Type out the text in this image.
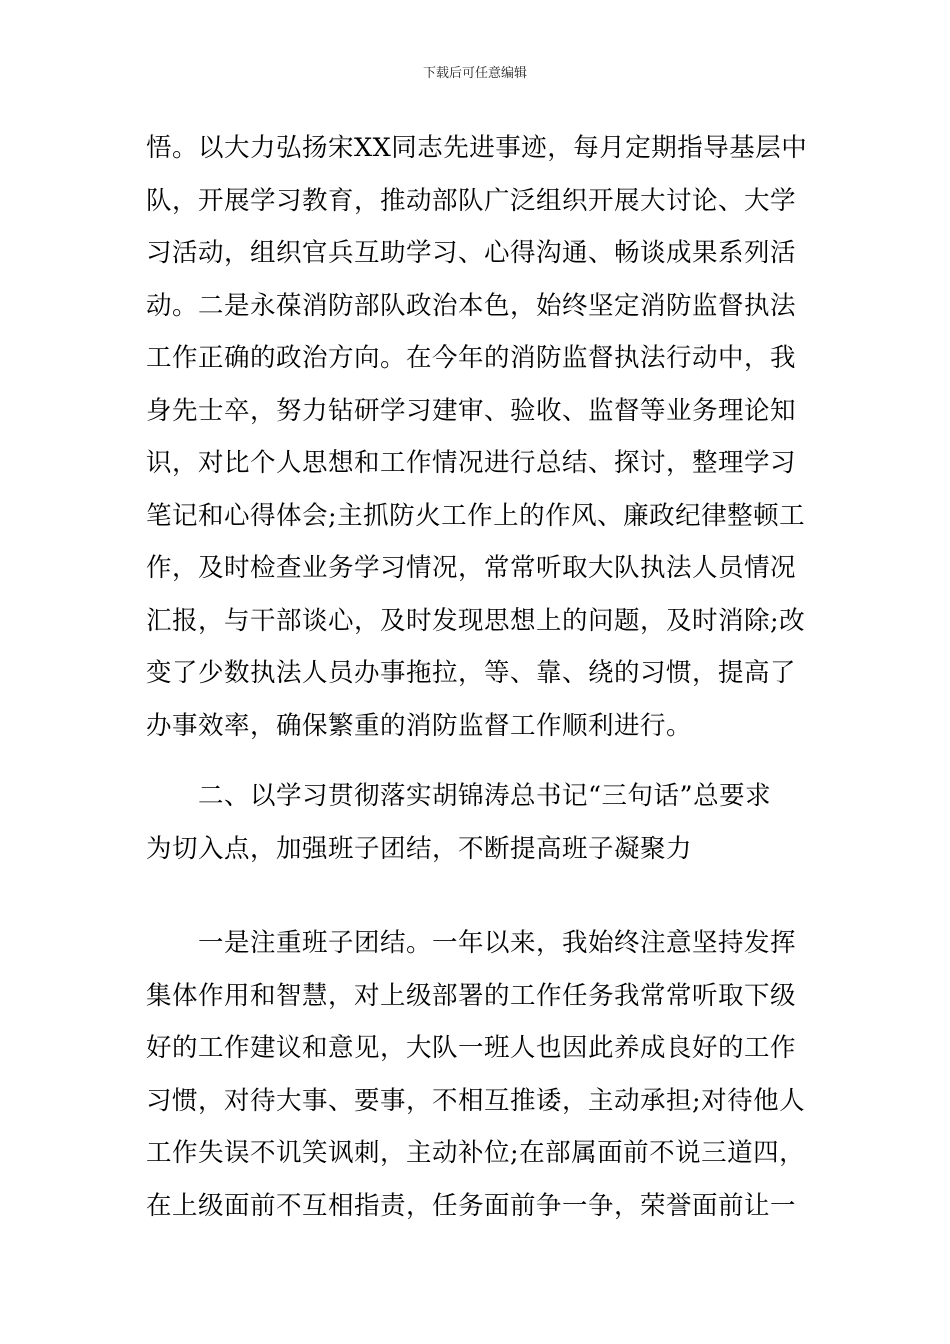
下载后可任意编辑
悟。以大力弘扬宋XX同志先进事迹，每月定期指导基层中
队，开展学习教育，推动部队广泛组织开展大讨论、大学
习活动，组织官兵互助学习、心得沟通、畅谈成果系列活
动。二是永葆消防部队政治本色，始终坚定消防监督执法
工作正确的政治方向。在今年的消防监督执法行动中，我
身先士卒，努力钻研学习建审、验收、监督等业务理论知
识，对比个人思想和工作情况进行总结、探讨，整理学习
笔记和心得体会;主抓防火工作上的作风、廉政纪律整顿工
作，及时检查业务学习情况，常常听取大队执法人员情况
汇报，与干部谈心，及时发现思想上的问题，及时消除;改
变了少数执法人员办事拖拉，等、靠、绕的习惯，提高了
办事效率，确保繁重的消防监督工作顺利进行。
二、以学习贯彻落实胡锦涛总书记“三句话”总要求
为切入点，加强班子团结，不断提高班子凝聚力
一是注重班子团结。一年以来，我始终注意坚持发挥
集体作用和智慧，对上级部署的工作任务我常常听取下级
好的工作建议和意见，大队一班人也因此养成良好的工作
习惯，对待大事、要事，不相互推诿，主动承担;对待他人
工作失误不讥笑讽刺，主动补位;在部属面前不说三道四，
在上级面前不互相指责，任务面前争一争，荣誉面前让一
